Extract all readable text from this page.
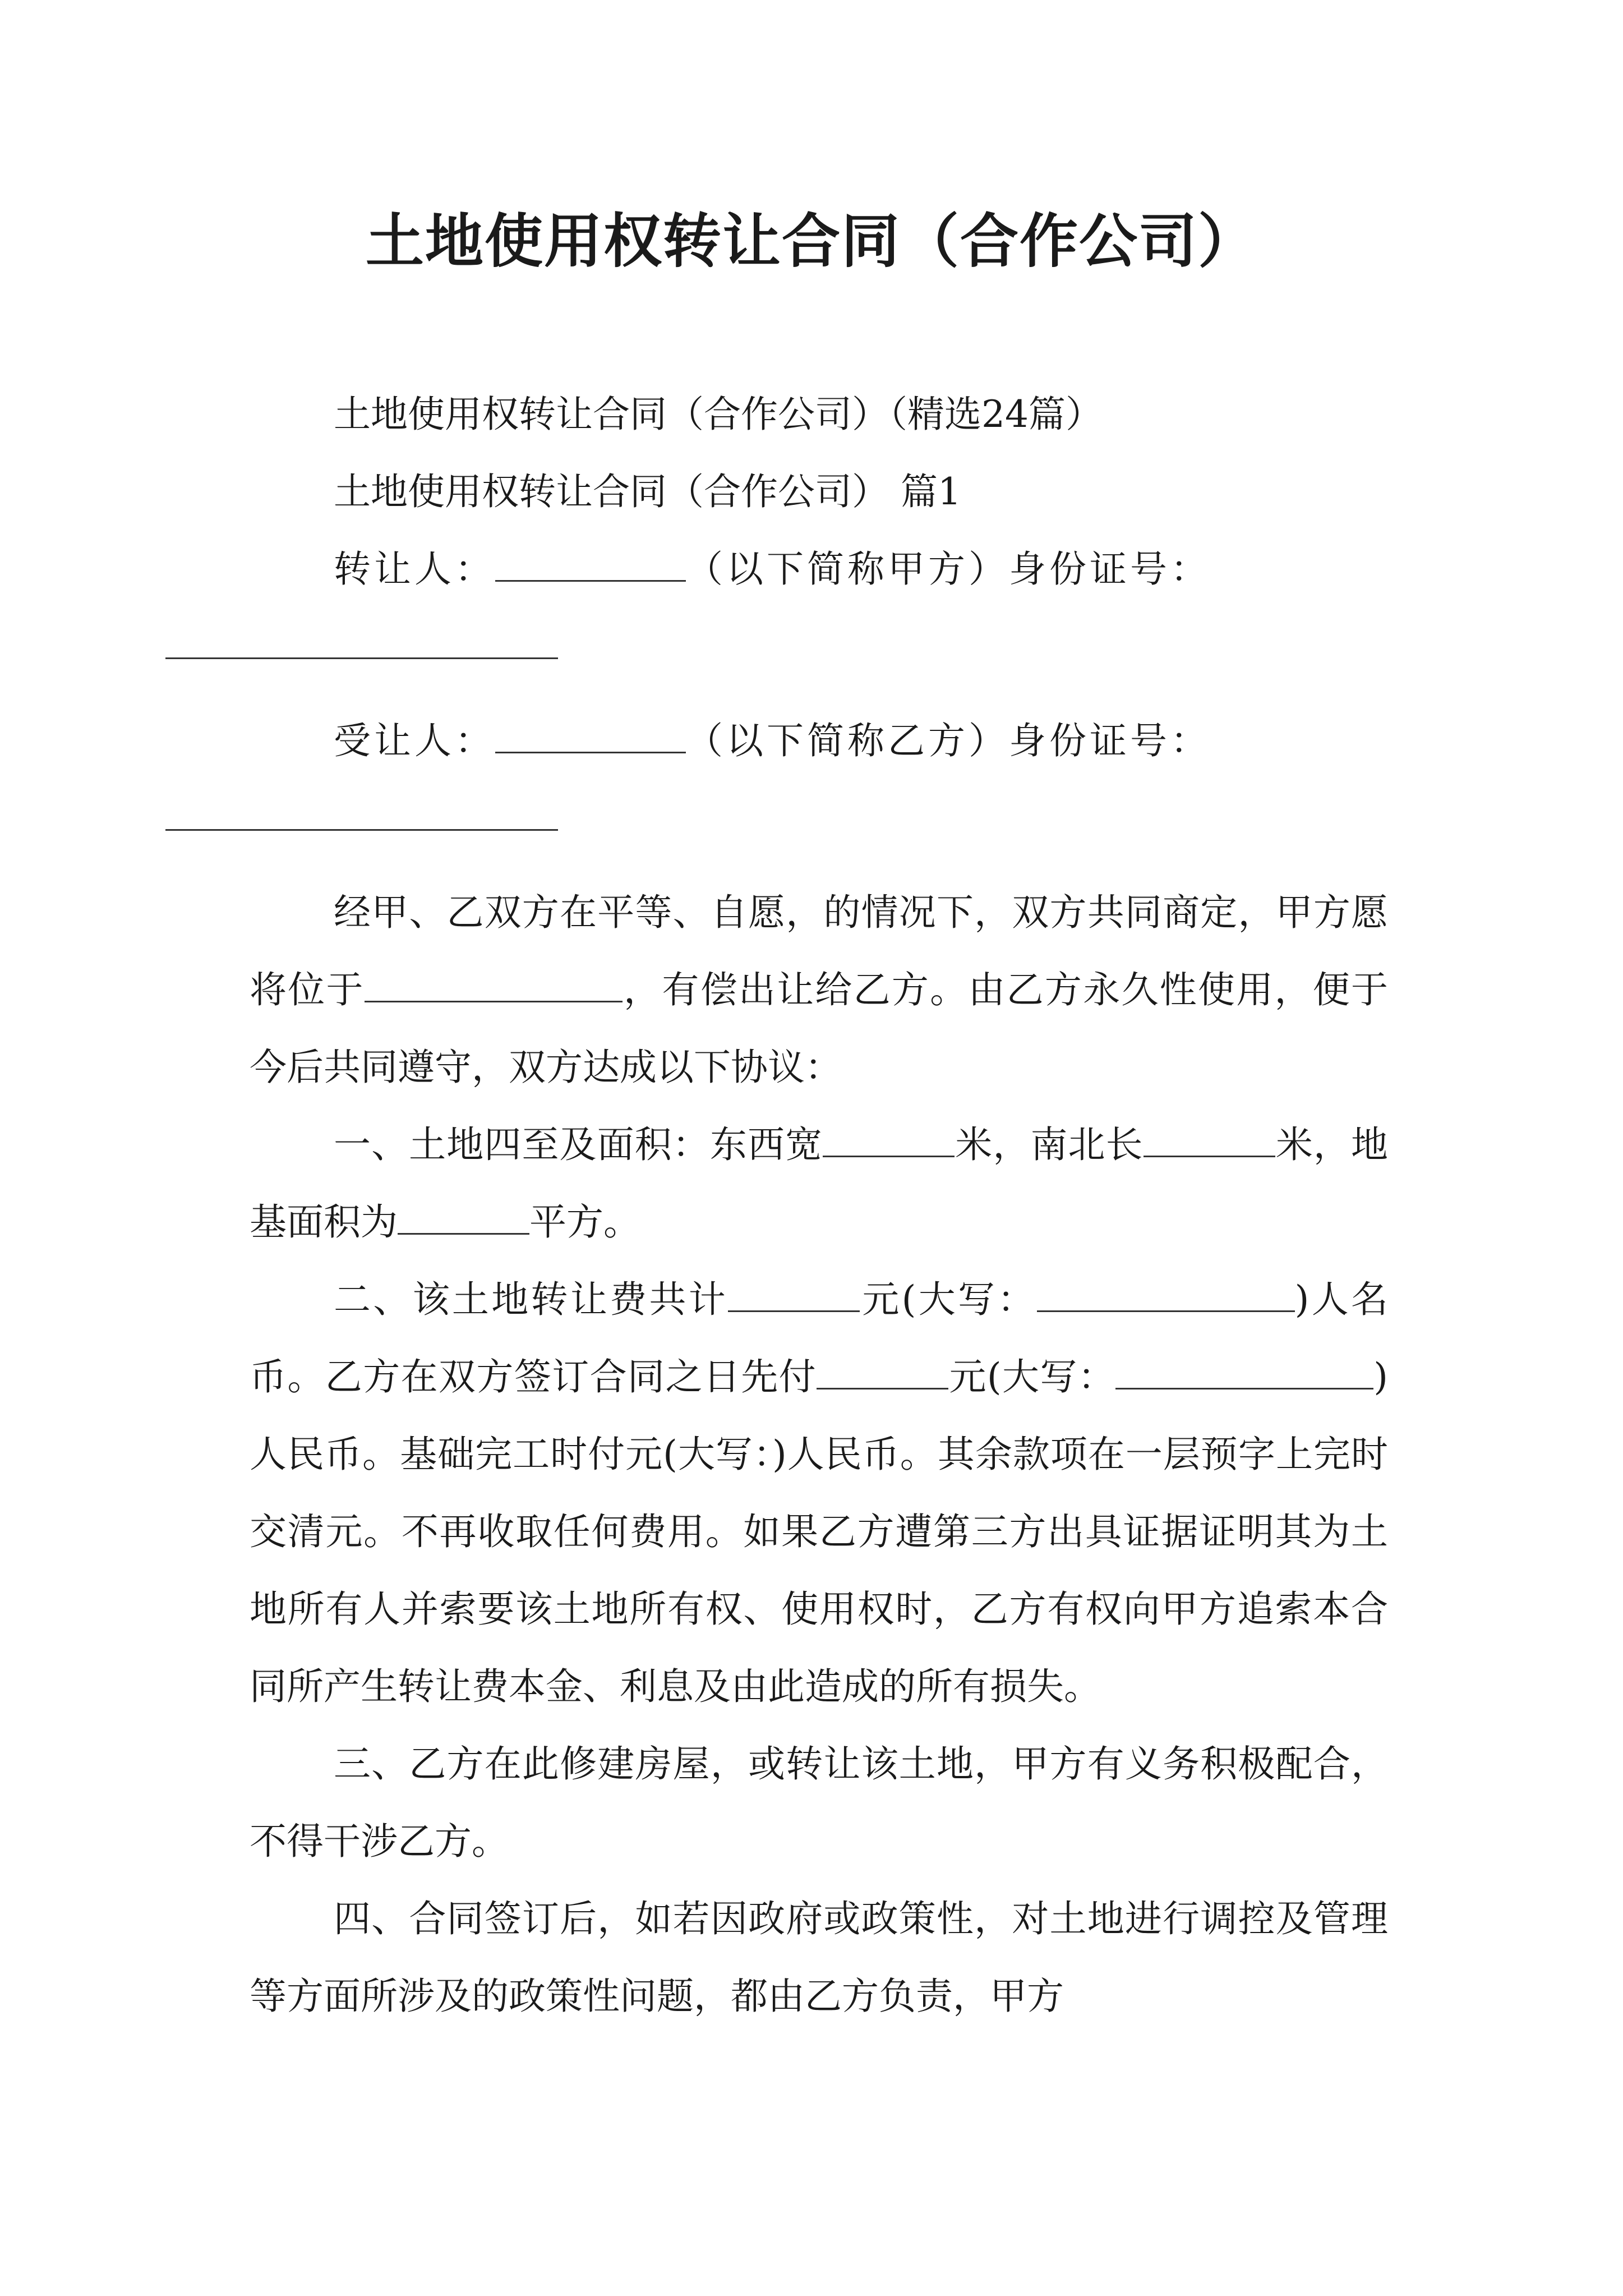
土地使用权转让合同（合作公司）

土地使用权转让合同（合作公司）（精选24篇）

土地使用权转让合同（合作公司） 篇1

转让人：	（以下简称甲方）身份证号：

受让人：	（以下简称乙方）身份证号：

经甲、乙双方在平等、自愿，的情况下，双方共同商定，甲方愿将位于	，有偿出让给乙方。由乙方永久性使用，便于今后共同遵守，双方达成以下协议：

一、土地四至及面积：东西宽	米，南北长	米，地基面积为	平方。

二、该土地转让费共计	元(大写：	)人名币。乙方在双方签订合同之日先付	元(大写：	)人民币。基础完工时付元(大写：)人民币。其余款项在一层预字上完时交清元。不再收取任何费用。如果乙方遭第三方出具证据证明其为土地所有人并索要该土地所有权、使用权时，乙方有权向甲方追索本合同所产生转让费本金、利息及由此造成的所有损失。

三、乙方在此修建房屋，或转让该土地，甲方有义务积极配合，不得干涉乙方。

四、合同签订后，如若因政府或政策性，对土地进行调控及管理等方面所涉及的政策性问题，都由乙方负责，甲方
